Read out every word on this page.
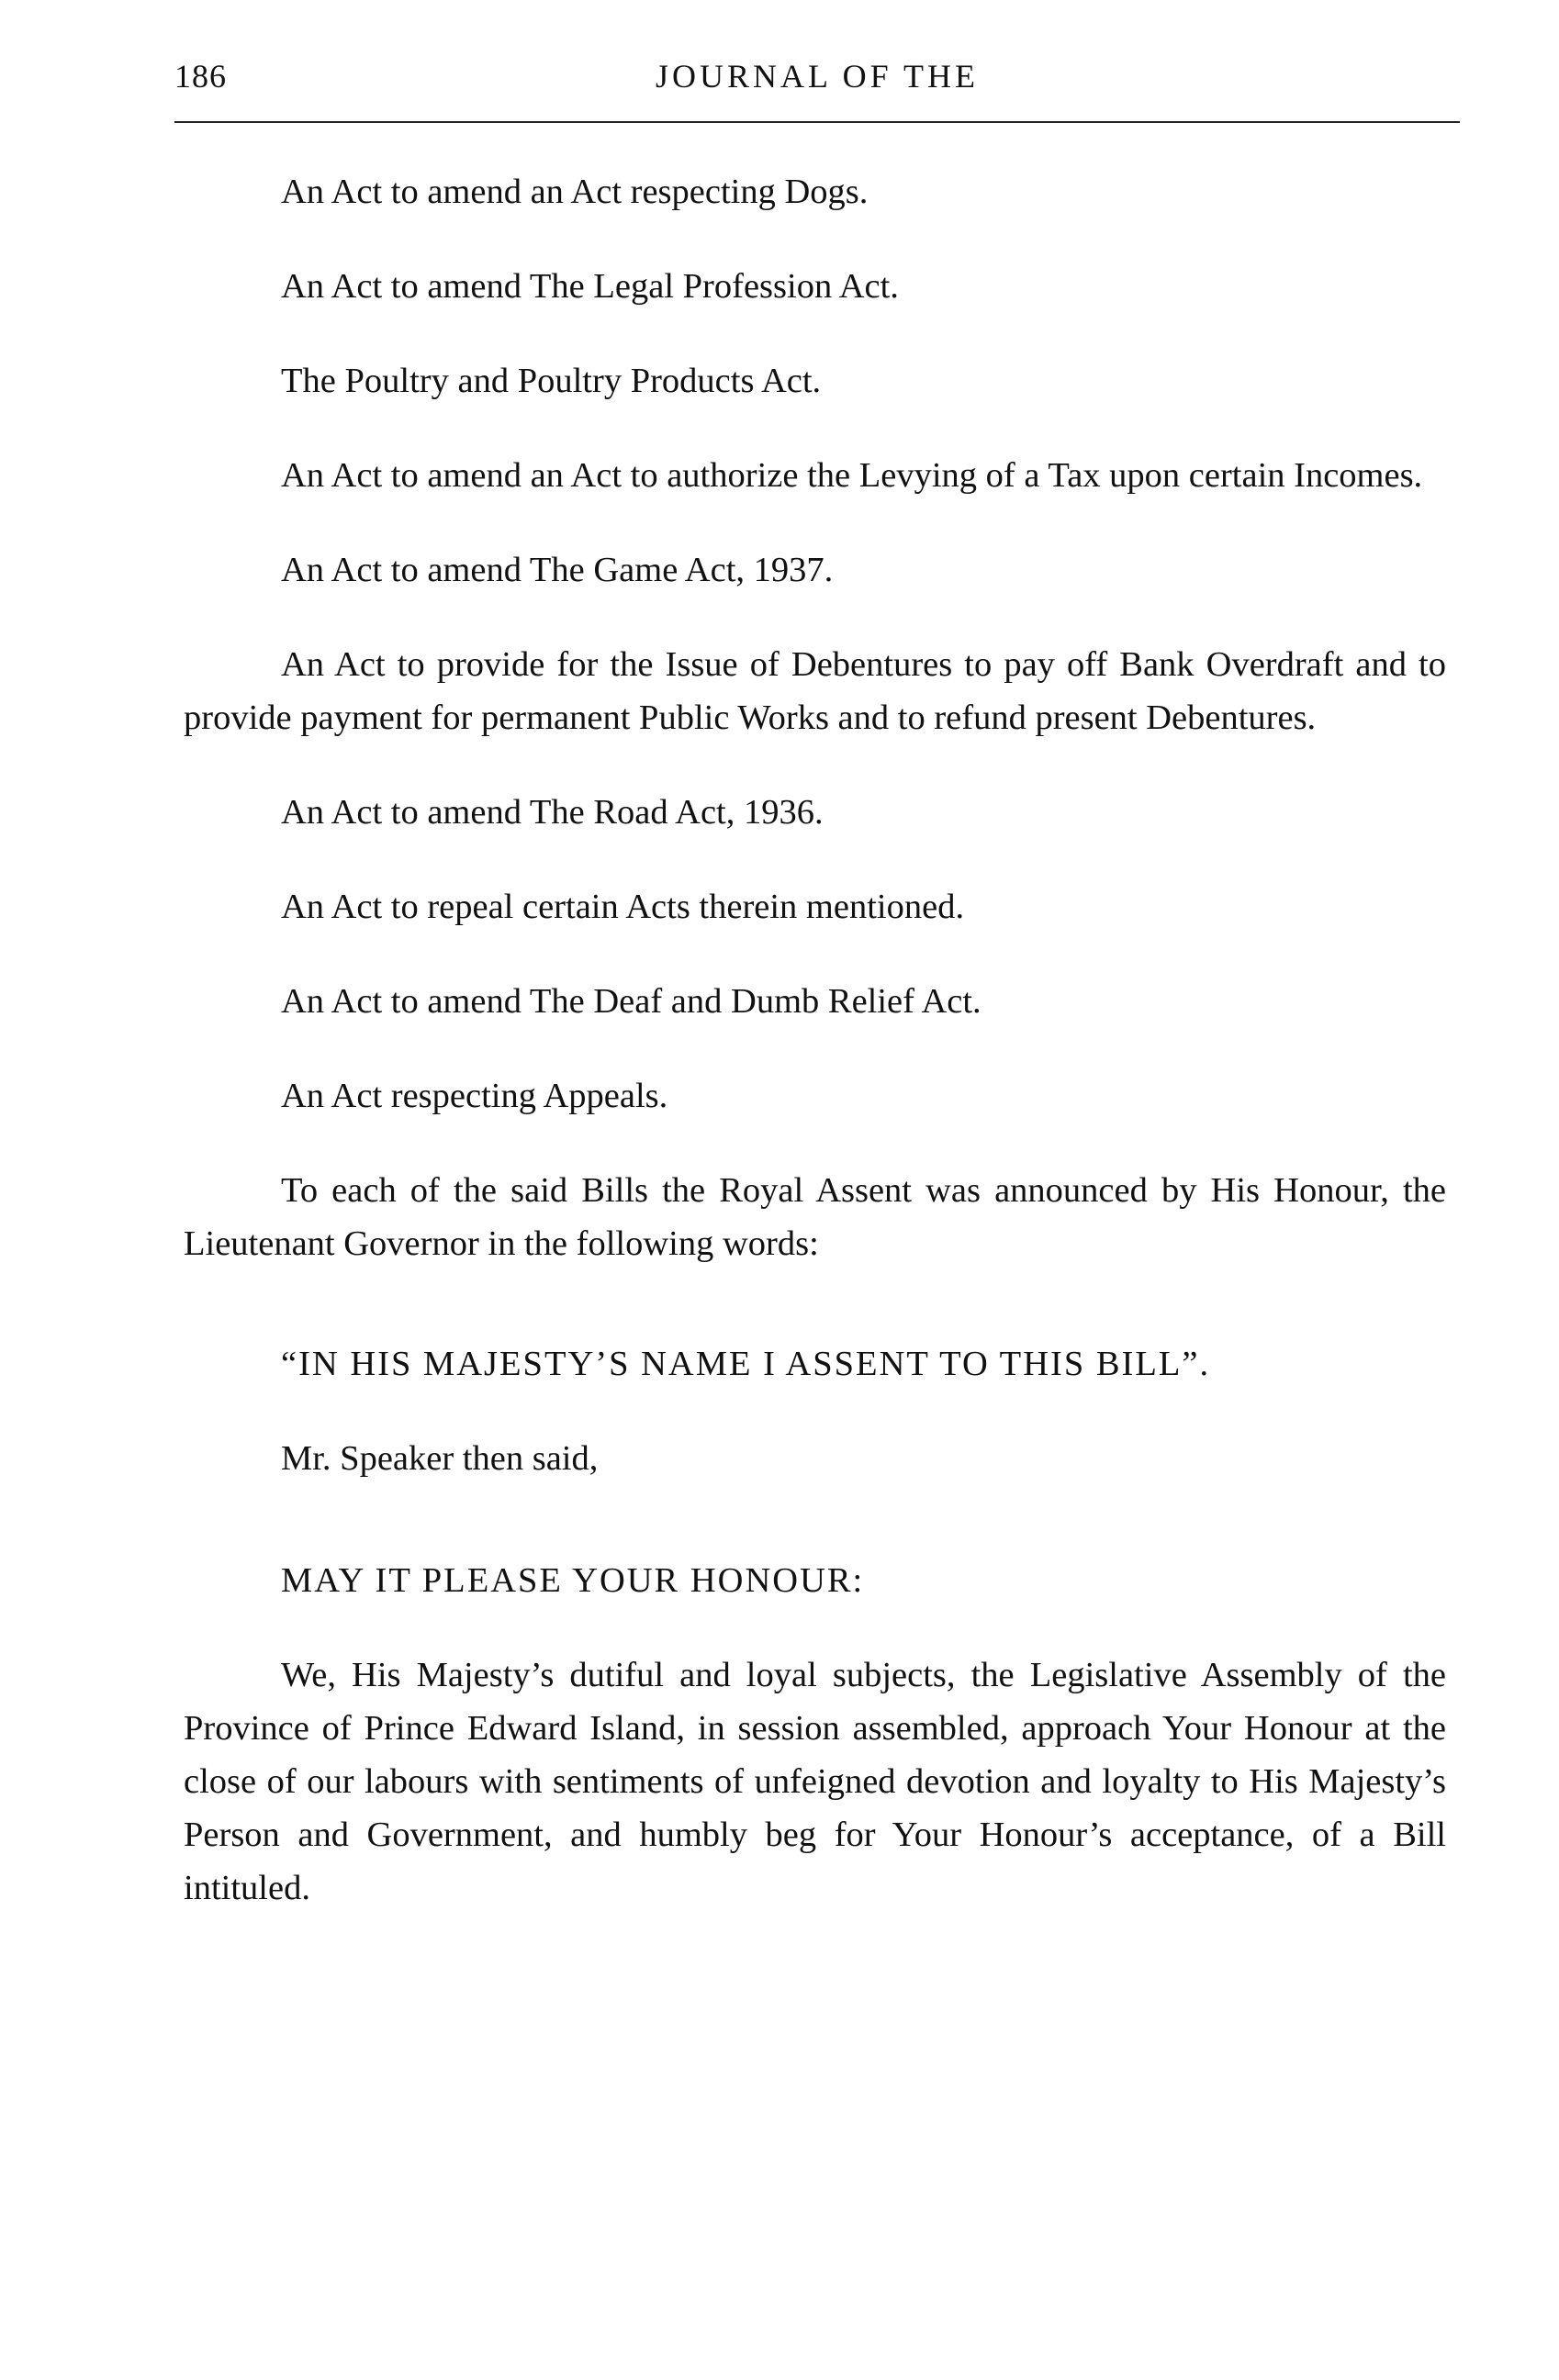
186	JOURNAL OF THE

An Act to amend an Act respecting Dogs.

An Act to amend The Legal Profession Act.

The Poultry and Poultry Products Act.

An Act to amend an Act to authorize the Levying of a Tax upon certain Incomes.

An Act to amend The Game Act, 1937.

An Act to provide for the Issue of Debentures to pay off Bank Overdraft and to provide payment for permanent Public Works and to refund present Debentures.

An Act to amend The Road Act, 1936.

An Act to repeal certain Acts therein mentioned.

An Act to amend The Deaf and Dumb Relief Act.

An Act respecting Appeals.

To each of the said Bills the Royal Assent was announced by His Honour, the Lieutenant Governor in the following words:

“IN HIS MAJESTY’S NAME I ASSENT TO THIS BILL”.

Mr. Speaker then said,

MAY IT PLEASE YOUR HONOUR:

We, His Majesty’s dutiful and loyal subjects, the Legislative Assembly of the Province of Prince Edward Island, in session assembled, approach Your Honour at the close of our labours with sentiments of unfeigned devotion and loyalty to His Majesty’s Person and Government, and humbly beg for Your Honour’s acceptance, of a Bill intituled.
